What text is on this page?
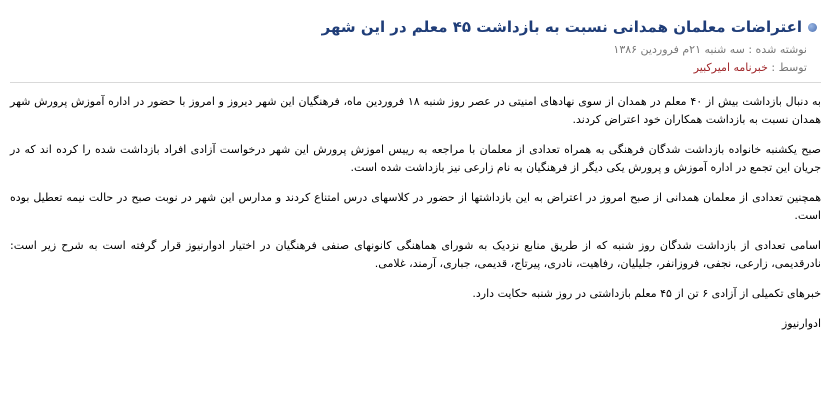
اعتراضات معلمان همدانی نسبت به بازداشت ۴۵ معلم در این شهر
نوشته شده : سه شنبه ۲۱م فروردین ۱۳۸۶
توسط : خبرنامه امیرکبیر

به دنبال بازداشت بیش از ۴۰ معلم در همدان از سوی نهادهای امنیتی در عصر روز شنبه ۱۸ فروردین ماه، فرهنگیان این شهر دیروز و امروز با حضور در اداره آموزش پرورش شهر همدان نسبت به بازداشت همکاران خود اعتراض کردند.

صبح یکشنبه خانواده بازداشت شدگان فرهنگی به همراه تعدادی از معلمان با مراجعه به رییس اموزش پرورش این شهر درخواست آزادی افراد بازداشت شده را کرده اند که در جریان این تجمع در اداره آموزش و پرورش یکی دیگر از فرهنگیان به نام زارعی نیز بازداشت شده است.

همچنین تعدادی از معلمان همدانی از صبح امروز در اعتراض به این بازداشتها از حضور در کلاسهای درس امتناع کردند و مدارس این شهر در نوبت صبح در حالت نیمه تعطیل بوده است.

اسامی تعدادی از بازداشت شدگان روز شنبه که از طریق منابع نزدیک به شورای هماهنگی کانونهای صنفی فرهنگیان در اختیار ادوارنیوز قرار گرفته است به شرح زیر است: نادرقدیمی، زارعی، نجفی، فروزانفر، جلیلیان، رفاهیت، نادری، پیرتاج، قدیمی، جباری، آرمند، غلامی.

خبرهای تکمیلی از آزادی ۶ تن از ۴۵ معلم بازداشتی در روز شنبه حکایت دارد.

ادوارنیوز
